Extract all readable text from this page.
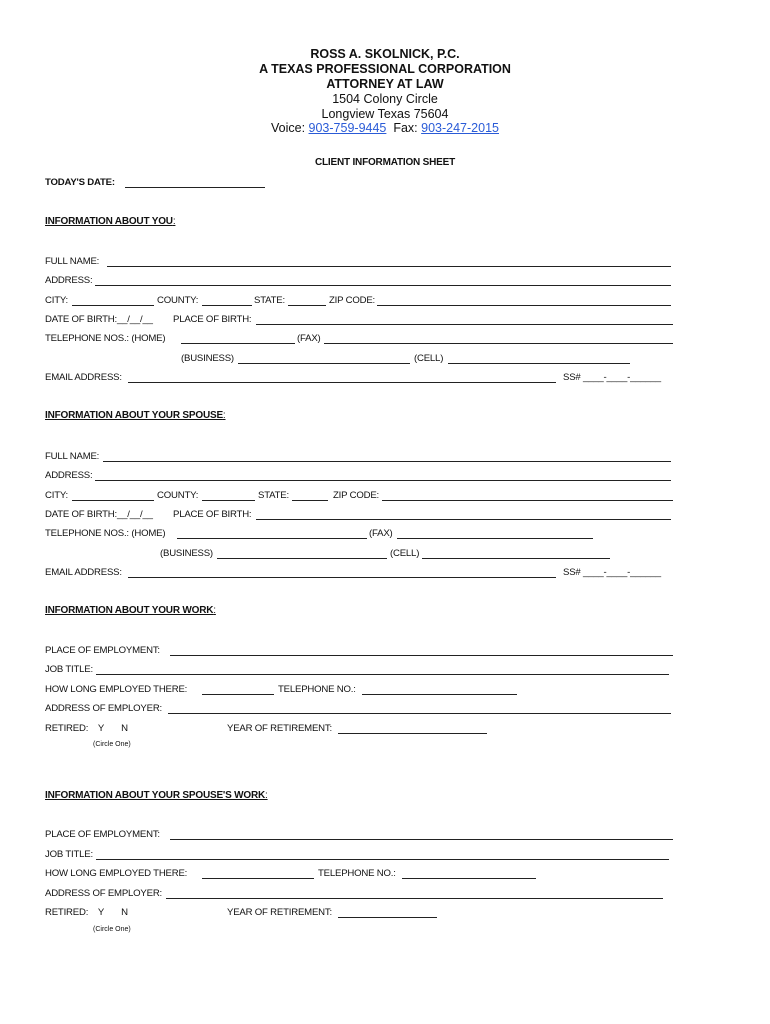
ROSS A. SKOLNICK, P.C.
A TEXAS PROFESSIONAL CORPORATION
ATTORNEY AT LAW
1504 Colony Circle
Longview Texas 75604
Voice: 903-759-9445  Fax: 903-247-2015
CLIENT INFORMATION SHEET
TODAY'S DATE:
INFORMATION ABOUT YOU:
FULL NAME:
ADDRESS:
CITY:	COUNTY:	STATE:	ZIP CODE:
DATE OF BIRTH:__/__/__ PLACE OF BIRTH:
TELEPHONE NOS.: (HOME)	(FAX)
(BUSINESS)	(CELL)
EMAIL ADDRESS:	SS# ____-____-______
INFORMATION ABOUT YOUR SPOUSE:
FULL NAME:
ADDRESS:
CITY:	COUNTY:	STATE:	ZIP CODE:
DATE OF BIRTH:__/__/__ PLACE OF BIRTH:
TELEPHONE NOS.: (HOME)	(FAX)
(BUSINESS)	(CELL)
EMAIL ADDRESS:	SS# ____-____-______
INFORMATION ABOUT YOUR WORK:
PLACE OF EMPLOYMENT:
JOB TITLE:
HOW LONG EMPLOYED THERE:	TELEPHONE NO.:
ADDRESS OF EMPLOYER:
RETIRED:    Y       N	YEAR OF RETIREMENT:
(Circle One)
INFORMATION ABOUT YOUR SPOUSE'S WORK:
PLACE OF EMPLOYMENT:
JOB TITLE:
HOW LONG EMPLOYED THERE:	TELEPHONE NO.:
ADDRESS OF EMPLOYER:
RETIRED:    Y       N	YEAR OF RETIREMENT:
(Circle One)
